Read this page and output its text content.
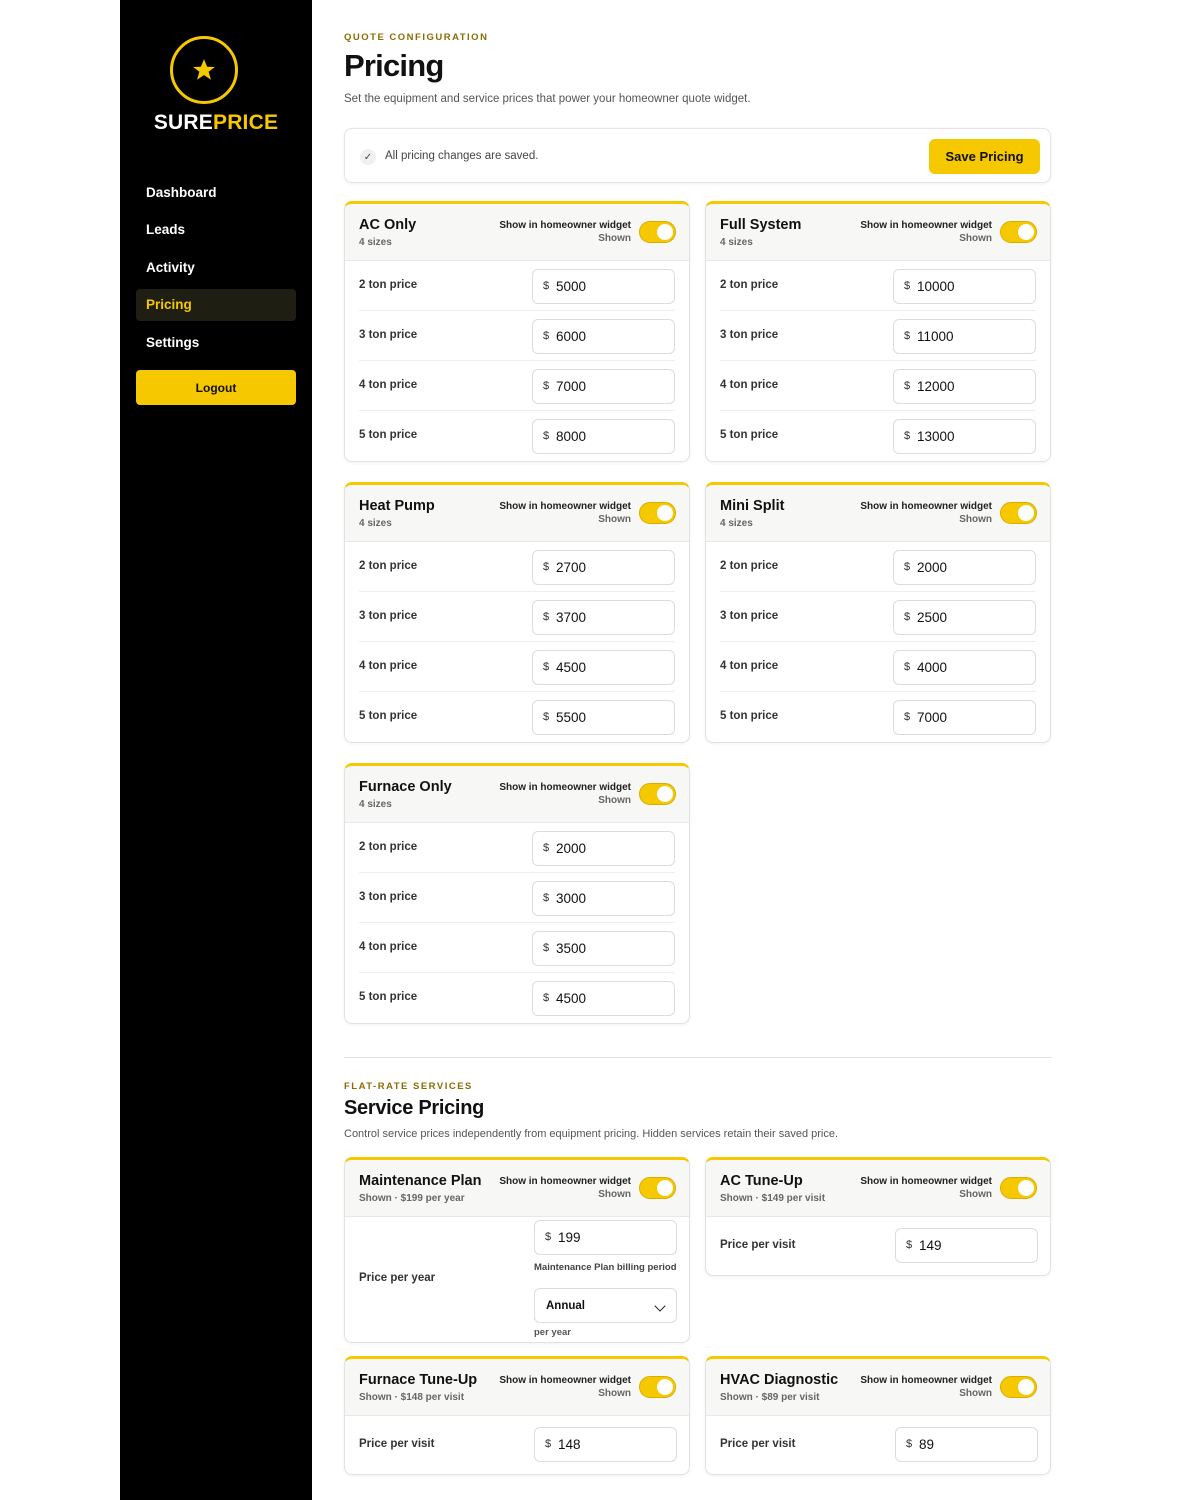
SUREPRICE
Dashboard
Leads
Activity
Pricing
Settings
Logout
QUOTE CONFIGURATION
Pricing

Set the equipment and service prices that power your homeowner quote widget.

✓	All pricing changes are saved.	Save Pricing
AC Only
4 sizes
Show in homeowner widget
Shown
2 ton price	$ 5000
3 ton price	$ 6000
4 ton price	$ 7000
5 ton price	$ 8000
Full System
4 sizes
Show in homeowner widget
Shown
2 ton price	$ 10000
3 ton price	$ 11000
4 ton price	$ 12000
5 ton price	$ 13000
Heat Pump
4 sizes
Show in homeowner widget
Shown
2 ton price	$ 2700
3 ton price	$ 3700
4 ton price	$ 4500
5 ton price	$ 5500
Mini Split
4 sizes
Show in homeowner widget
Shown
2 ton price	$ 2000
3 ton price	$ 2500
4 ton price	$ 4000
5 ton price	$ 7000
Furnace Only
4 sizes
Show in homeowner widget
Shown
2 ton price	$ 2000
3 ton price	$ 3000
4 ton price	$ 3500
5 ton price	$ 4500
FLAT-RATE SERVICES
Service Pricing

Control service prices independently from equipment pricing. Hidden services retain their saved price.

Maintenance Plan
Shown · $199 per year
Show in homeowner widget
Shown
Price per year
$ 199
Maintenance Plan billing period
Annual
per year
AC Tune-Up
Shown · $149 per visit
Show in homeowner widget
Shown
Price per visit	$ 149
Furnace Tune-Up
Shown · $148 per visit
Show in homeowner widget
Shown
Price per visit	$ 148
HVAC Diagnostic
Shown · $89 per visit
Show in homeowner widget
Shown
Price per visit	$ 89
